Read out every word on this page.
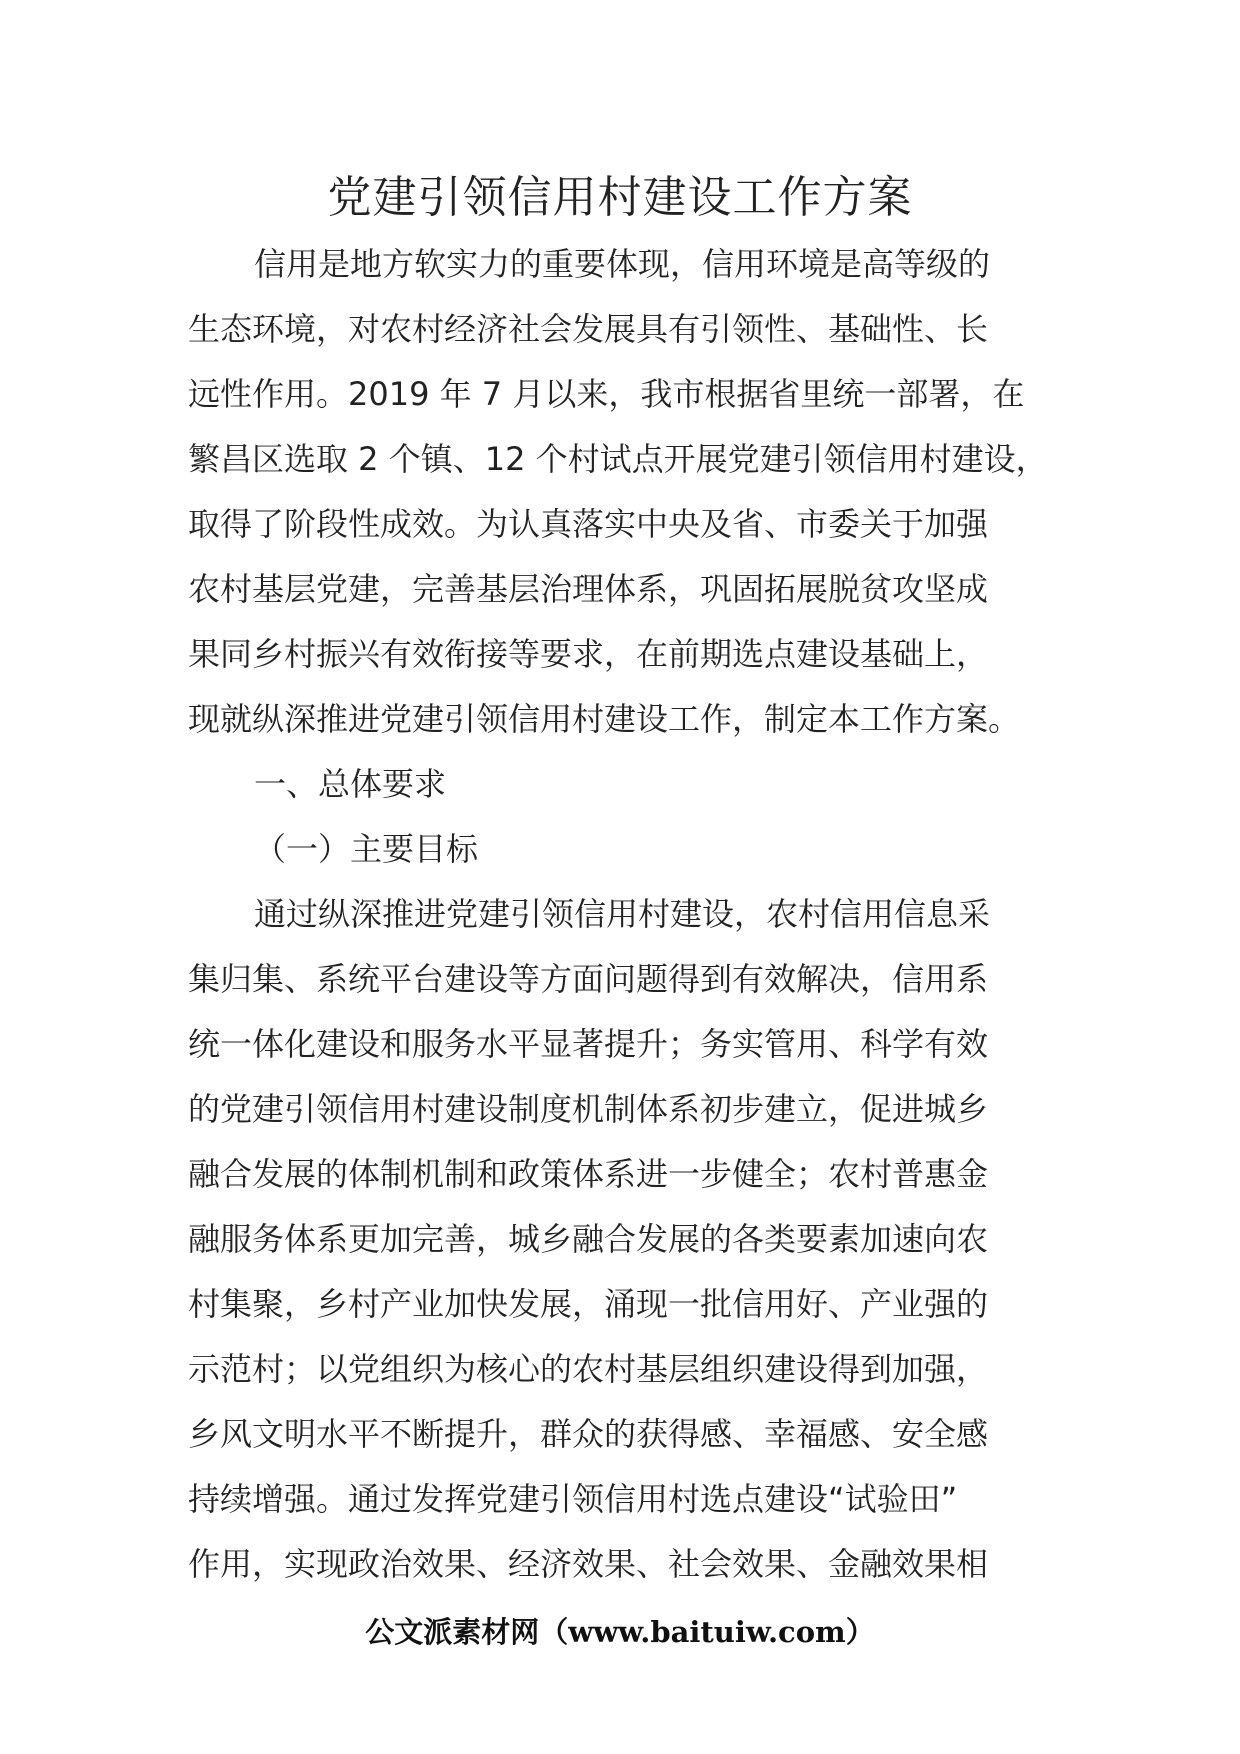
党建引领信用村建设工作方案
信用是地方软实力的重要体现，信用环境是高等级的
生态环境，对农村经济社会发展具有引领性、基础性、长
远性作用。2019 年 7 月以来，我市根据省里统一部署，在
繁昌区选取 2 个镇、12 个村试点开展党建引领信用村建设，
取得了阶段性成效。为认真落实中央及省、市委关于加强
农村基层党建，完善基层治理体系，巩固拓展脱贫攻坚成
果同乡村振兴有效衔接等要求，在前期选点建设基础上，
现就纵深推进党建引领信用村建设工作，制定本工作方案。
一、总体要求
（一）主要目标
通过纵深推进党建引领信用村建设，农村信用信息采
集归集、系统平台建设等方面问题得到有效解决，信用系
统一体化建设和服务水平显著提升；务实管用、科学有效
的党建引领信用村建设制度机制体系初步建立，促进城乡
融合发展的体制机制和政策体系进一步健全；农村普惠金
融服务体系更加完善，城乡融合发展的各类要素加速向农
村集聚，乡村产业加快发展，涌现一批信用好、产业强的
示范村；以党组织为核心的农村基层组织建设得到加强，
乡风文明水平不断提升，群众的获得感、幸福感、安全感
持续增强。通过发挥党建引领信用村选点建设“试验田”
作用，实现政治效果、经济效果、社会效果、金融效果相
公文派素材网（www.baituiw.com）
